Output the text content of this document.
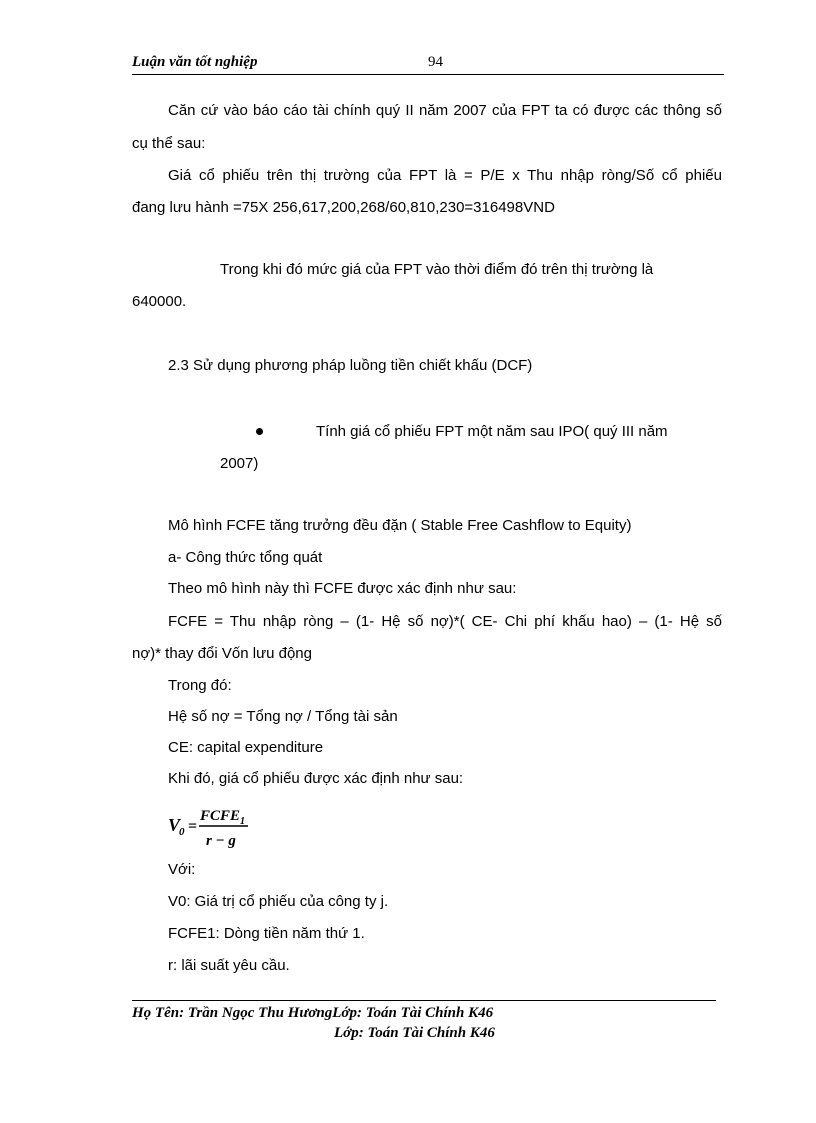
Luận văn tốt nghiệp	94
Căn cứ vào báo cáo tài chính quý II năm 2007 của FPT ta có được các thông số
cụ thể sau:
Giá cổ phiếu trên thị trường của FPT là = P/E x Thu nhập ròng/Số cổ phiếu
đang lưu hành =75X 256,617,200,268/60,810,230=316498VND
Trong khi đó mức giá của FPT vào thời điểm đó trên thị trường là
640000.
2.3 Sử dụng phương pháp luồng tiền chiết khấu (DCF)
Tính giá cổ phiếu FPT một năm sau IPO( quý III năm
2007)
Mô hình FCFE tăng trưởng đều đặn ( Stable Free Cashflow to Equity)
a- Công thức tổng quát
Theo mô hình này thì FCFE được xác định như sau:
FCFE = Thu nhập ròng – (1- Hệ số nợ)*( CE- Chi phí khấu hao) – (1- Hệ số
nợ)* thay đổi Vốn lưu động
Trong đó:
Hệ số nợ = Tổng nợ / Tổng tài sản
CE: capital expenditure
Khi đó, giá cổ phiếu được xác định như sau:
V
0 =
FCFE 1
r − g
Với:
V0: Giá trị cổ phiếu của công ty j.
FCFE1: Dòng tiền năm thứ 1.
r: lãi suất yêu cầu.
Họ Tên: Trần Ngọc Thu HươngLớp: Toán Tài Chính K46
Lớp: Toán Tài Chính K46
